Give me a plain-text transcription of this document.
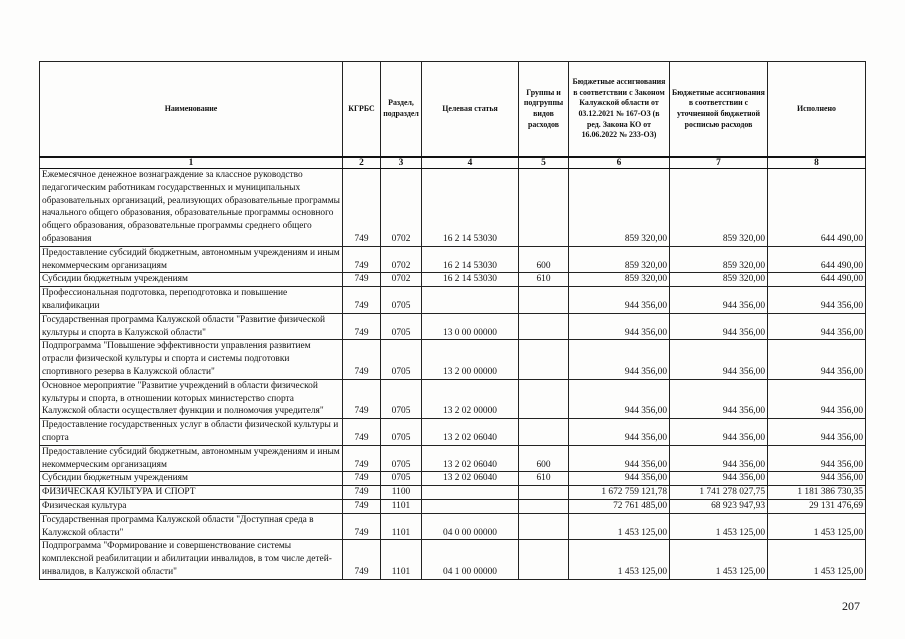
Наименование	КГРБС	Раздел, подраздел	Целевая статья	Группы и подгруппы видов расходов	Бюджетные ассигнования в соответствии с Законом Калужской области от 03.12.2021 № 167-ОЗ (в ред. Закона КО от 16.06.2022 № 233-ОЗ)	Бюджетные ассигнования в соответствии с уточненной бюджетной росписью расходов	Исполнено
1	2	3	4	5	6	7	8
Ежемесячное денежное вознаграждение за классное руководство педагогическим работникам государственных и муниципальных образовательных организаций, реализующих образовательные программы начального общего образования, образовательные программы основного общего образования, образовательные программы среднего общего образования	749	0702	16 2 14 53030		859 320,00	859 320,00	644 490,00
Предоставление субсидий бюджетным, автономным учреждениям и иным некоммерческим организациям	749	0702	16 2 14 53030	600	859 320,00	859 320,00	644 490,00
Субсидии бюджетным учреждениям	749	0702	16 2 14 53030	610	859 320,00	859 320,00	644 490,00
Профессиональная подготовка, переподготовка и повышение квалификации	749	0705			944 356,00	944 356,00	944 356,00
Государственная программа Калужской области "Развитие физической культуры и спорта в Калужской области"	749	0705	13 0 00 00000		944 356,00	944 356,00	944 356,00
Подпрограмма "Повышение эффективности управления развитием отрасли физической культуры и спорта и системы подготовки спортивного резерва в Калужской области"	749	0705	13 2 00 00000		944 356,00	944 356,00	944 356,00
Основное мероприятие "Развитие учреждений в области физической культуры и спорта, в отношении которых министерство спорта Калужской области осуществляет функции и полномочия учредителя"	749	0705	13 2 02 00000		944 356,00	944 356,00	944 356,00
Предоставление государственных услуг в области физической культуры и спорта	749	0705	13 2 02 06040		944 356,00	944 356,00	944 356,00
Предоставление субсидий бюджетным, автономным учреждениям и иным некоммерческим организациям	749	0705	13 2 02 06040	600	944 356,00	944 356,00	944 356,00
Субсидии бюджетным учреждениям	749	0705	13 2 02 06040	610	944 356,00	944 356,00	944 356,00
ФИЗИЧЕСКАЯ КУЛЬТУРА И СПОРТ	749	1100			1 672 759 121,78	1 741 278 027,75	1 181 386 730,35
Физическая культура	749	1101			72 761 485,00	68 923 947,93	29 131 476,69
Государственная программа Калужской области "Доступная среда в Калужской области"	749	1101	04 0 00 00000		1 453 125,00	1 453 125,00	1 453 125,00
Подпрограмма "Формирование и совершенствование системы комплексной реабилитации и абилитации инвалидов, в том числе детей-инвалидов, в Калужской области"	749	1101	04 1 00 00000		1 453 125,00	1 453 125,00	1 453 125,00
207
